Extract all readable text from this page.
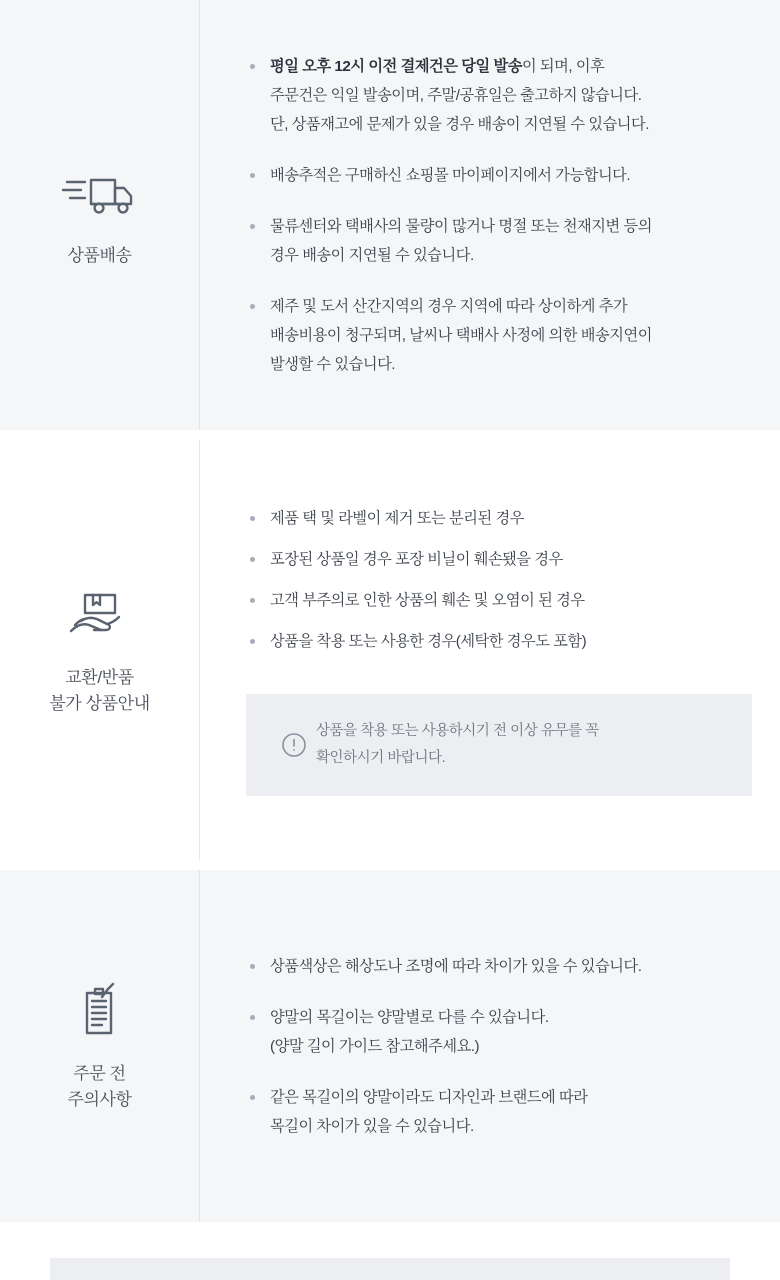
상품배송
평일 오후 12시 이전 결제건은 당일 발송이 되며, 이후
주문건은 익일 발송이며, 주말/공휴일은 출고하지 않습니다.
단, 상품재고에 문제가 있을 경우 배송이 지연될 수 있습니다.
배송추적은 구매하신 쇼핑몰 마이페이지에서 가능합니다.
물류센터와 택배사의 물량이 많거나 명절 또는 천재지변 등의
경우 배송이 지연될 수 있습니다.
제주 및 도서 산간지역의 경우 지역에 따라 상이하게 추가
배송비용이 청구되며, 날씨나 택배사 사정에 의한 배송지연이
발생할 수 있습니다.
교환/반품
불가 상품안내
제품 택 및 라벨이 제거 또는 분리된 경우
포장된 상품일 경우 포장 비닐이 훼손됐을 경우
고객 부주의로 인한 상품의 훼손 및 오염이 된 경우
상품을 착용 또는 사용한 경우(세탁한 경우도 포함)
상품을 착용 또는 사용하시기 전 이상 유무를 꼭
확인하시기 바랍니다.
주문 전
주의사항
상품색상은 해상도나 조명에 따라 차이가 있을 수 있습니다.
양말의 목길이는 양말별로 다를 수 있습니다.
(양말 길이 가이드 참고해주세요.)
같은 목길이의 양말이라도 디자인과 브랜드에 따라
목길이 차이가 있을 수 있습니다.
